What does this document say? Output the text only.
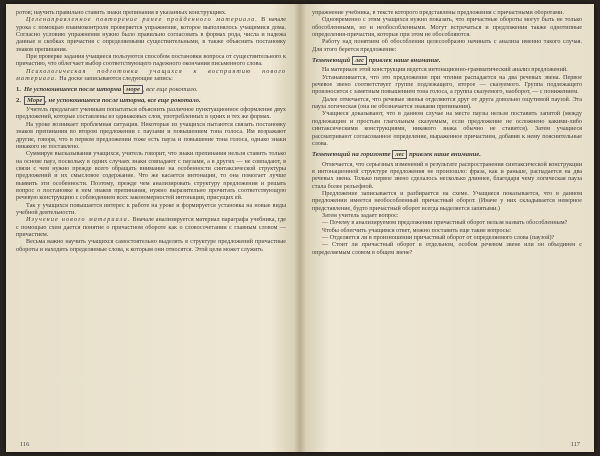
ротов; научить правильно ставить знаки препинания в указанных конструкциях.

Целенаправленное повторение ранее пройденного материала. В начале урока с помощью взаимоконтроля проверяется упражнение, которое выполнялось учащимися дома. Согласно условию упражнения нужно было правильно согласовать в формах рода, числа и падежа данные в скобках причастия с определяемыми существительными, в также объяснить постановку знаков препинания.

При проверке задания учащиеся пользуются способом постановки вопроса от существительного к причастию, что облегчает выбор соответствующего падежного окончания письменного слова.

Психологическая подготовка учащихся к восприятию нового материала. На доске записываются следующие запись:

1. Не успокоившееся после шторма море , все еще рокотало.
2. Море , не успокоившееся после шторма, все еще рокотало.

Учитель предлагает ученикам попытаться объяснить различное пунктуационное оформление двух предложений, которые составлены из одинаковых слов, употребленных в одних и тех же формах.

На уроке возникает проблемная ситуация. Некоторые из учащихся пытаются связать постановку знаков препинания во втором предложении с паузами и повышением тона голоса. Им возражают другие, говоря, что в первом предложении тоже есть пауза и повышение тона голоса, однако знаки никакого не поставлено.

Суммируя высказывания учащихся, учитель говорит, что знаки препинания нельзя ставить только на основе пауз, поскольку в одних случаях знаки совпадают с паузами, а в других — не совпадают, в связи с чем нужно прежде всего обращать внимание на особенности синтаксической структуры предложений и их смысловое содержание. Что же касается интонации, то она помогает лучше выявить эти особенности. Поэтому, прежде чем анализировать структуру предложения и решать вопрос о постановке в нем знаков препинания, нужно выразительно прочитать соответствующую речевую конструкцию с соблюдением всех закономерностей интонации, присущих ей.

Так у учащихся повышается интерес к работе на уроке и формируется установка на новые виды учебной деятельности.

Изучение нового материала. Вначале анализируется материал параграфа учебника, где с помощью схем дается понятие о причастном обороте как о словосочетании с главным словом — причастием.

Весьма важно научить учащихся самостоятельно выделять в структуре предложений причастные обороты и находить определяемые слова, к которым они относятся. Этой цели может служить

116

упражнение учебника, в тексте которого представлены предложения с причастными оборотами.

Одновременно с этим учащихся нужно показать, что причастные обороты могут быть не только обособленными, но и необособленными. Могут встречаться и предложения также однотипные определения-причастия, которые при этом не обособляются.

Работу над понятием об обособлении целесообразно начинать с анализа именно такого случая. Для этого берется предложение:

Теменеющий лес привлек наше внимание.

На материале этой конструкции ведется интонационно-грамматический анализ предложений.

Устанавливается, что это предложение при чтении распадается на два речевых звена. Первое речевое звено соответствует группе подлежащего, второе — сказуемого. Группа подлежащего произносится с заметным повышением тона голоса, а группа сказуемого, наоборот, — с понижением.

Далее отмечается, что речевые звенья отделяются друг от друга довольно ощутимой паузой. Эта пауза логическая (она не обозначается знаками препинания).

Учащиеся доказывают, что в данном случае на месте паузы нельзя поставить запятой (между подлежащим и простым глагольным сказуемым, если предложение не осложнено какими-либо синтаксическими конструкциями, никакого знака обычно не ставится). Затем учащиеся рассматривают согласованное определение, выраженное причастием, добавив к нему пояснительные слова.

Теменеющий на горизонте лес привлек наше внимание.

Отмечается, что серьезных изменений в результате распространения синтаксической конструкции в интонационной структуре предложения не произошло: фраза, как и раньше, распадается на два речевых звена. Только первое звено сделалось несколько длиннее, благодаря чему логическая пауза стала более рельефной.

Предложение записывается и разбирается на схеме. Учащиеся показывается, что в данном предложении имеется необособленный причастный оборот. (Иначе у них складывается неверное представление, будто причастный оборот всегда выделяется запятыми.)

Затем учитель задает вопрос:

— Почему в анализируемом предложении причастный оборот нельзя назвать обособленным?

Чтобы облегчить учащимся ответ, можно поставить еще такие вопросы:

— Отделяется ли в произношении причастный оборот от определяемого слова (паузой)?

— Стоит ли причастный оборот в отдельном, особом речевом звене или он объединен с определяемым словом в общем звене?

117
